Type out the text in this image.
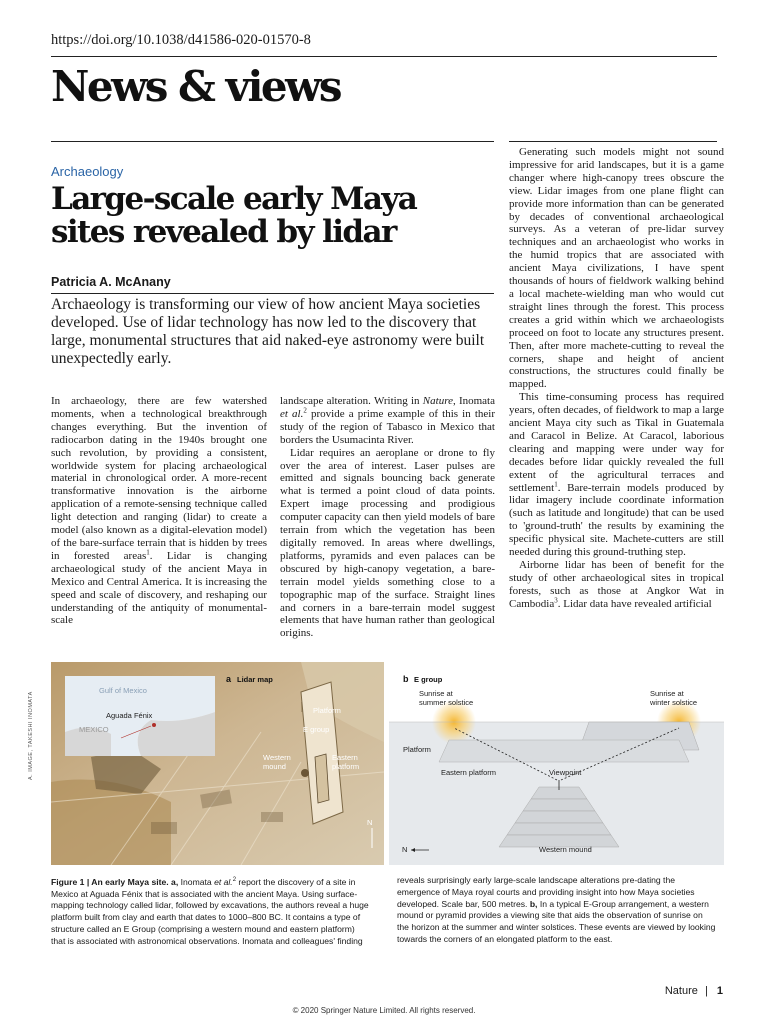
https://doi.org/10.1038/d41586-020-01570-8
News & views
Archaeology
Large-scale early Maya
sites revealed by lidar
Patricia A. McAnany
Archaeology is transforming our view of how ancient Maya societies developed. Use of lidar technology has now led to the discovery that large, monumental structures that aid naked-eye astronomy were built unexpectedly early.

In archaeology, there are few watershed moments, when a technological breakthrough changes everything. But the invention of radiocarbon dating in the 1940s brought one such revolution, by providing a consistent, worldwide system for placing archaeological material in chronological order. A more-recent transformative innovation is the airborne application of a remote-sensing technique called light detection and ranging (lidar) to create a model (also known as a digital-elevation model) of the bare-surface terrain that is hidden by trees in forested areas$^1$. Lidar is changing archaeological study of the ancient Maya in Mexico and Central America. It is increasing the speed and scale of discovery, and reshaping our understanding of the antiquity of monumental-scale

landscape alteration. Writing in Nature, Inomata et al.$^2$ provide a prime example of this in their study of the region of Tabasco in Mexico that borders the Usumacinta River.

Lidar requires an aeroplane or drone to fly over the area of interest. Laser pulses are emitted and signals bouncing back generate what is termed a point cloud of data points. Expert image processing and prodigious computer capacity can then yield models of bare terrain from which the vegetation has been digitally removed. In areas where dwellings, platforms, pyramids and even palaces can be obscured by high-canopy vegetation, a bare-terrain model yields something close to a topographic map of the surface. Straight lines and corners in a bare-terrain model suggest elements that have human rather than geological origins.

Generating such models might not sound impressive for arid landscapes, but it is a game changer where high-canopy trees obscure the view. Lidar images from one plane flight can provide more information than can be generated by decades of conventional archaeological surveys. As a veteran of pre-lidar survey techniques and an archaeologist who works in the humid tropics that are associated with ancient Maya civilizations, I have spent thousands of hours of fieldwork walking behind a local machete-wielding man who would cut straight lines through the forest. This process creates a grid within which we archaeologists proceed on foot to locate any structures present. Then, after more machete-cutting to reveal the corners, shape and height of ancient constructions, the structures could finally be mapped.

This time-consuming process has required years, often decades, of fieldwork to map a large ancient Maya city such as Tikal in Guatemala and Caracol in Belize. At Caracol, laborious clearing and mapping were under way for decades before lidar quickly revealed the full extent of the agricultural terraces and settlement$^1$. Bare-terrain models produced by lidar imagery include coordinate information (such as latitude and longitude) that can be used to 'ground-truth' the results by examining the specific physical site. Machete-cutters are still needed during this ground-truthing step.

Airborne lidar has been of benefit for the study of other archaeological sites in tropical forests, such as those at Angkor Wat in Cambodia$^3$. Lidar data have revealed artificial

Gulf of Mexico
Aguada Fénix
MEXICO
a Lidar map
Platform
E group
Western
mound
Eastern
platform
N
b E group
Sunrise at
summer solstice
Sunrise at
winter solstice
Platform
Eastern platform	Viewpoint
Western mound
N
A. IMAGE, TAKESHI INOMATA
Figure 1 | An early Maya site. a, Inomata et al.$^2$ report the discovery of a site in Mexico at Aguada Fénix that is associated with the ancient Maya. Using surface-mapping technology called lidar, followed by excavations, the authors reveal a huge platform built from clay and earth that dates to 1000–800 BC. It contains a type of structure called an E Group (comprising a western mound and eastern platform) that is associated with astronomical observations. Inomata and colleagues' finding
reveals surprisingly early large-scale landscape alterations pre-dating the emergence of Maya royal courts and providing insight into how Maya societies developed. Scale bar, 500 metres. b, In a typical E-Group arrangement, a western mound or pyramid provides a viewing site that aids the observation of sunrise on the horizon at the summer and winter solstices. These events are viewed by looking towards the corners of an elongated platform to the east.
Nature | 1
© 2020 Springer Nature Limited. All rights reserved.
